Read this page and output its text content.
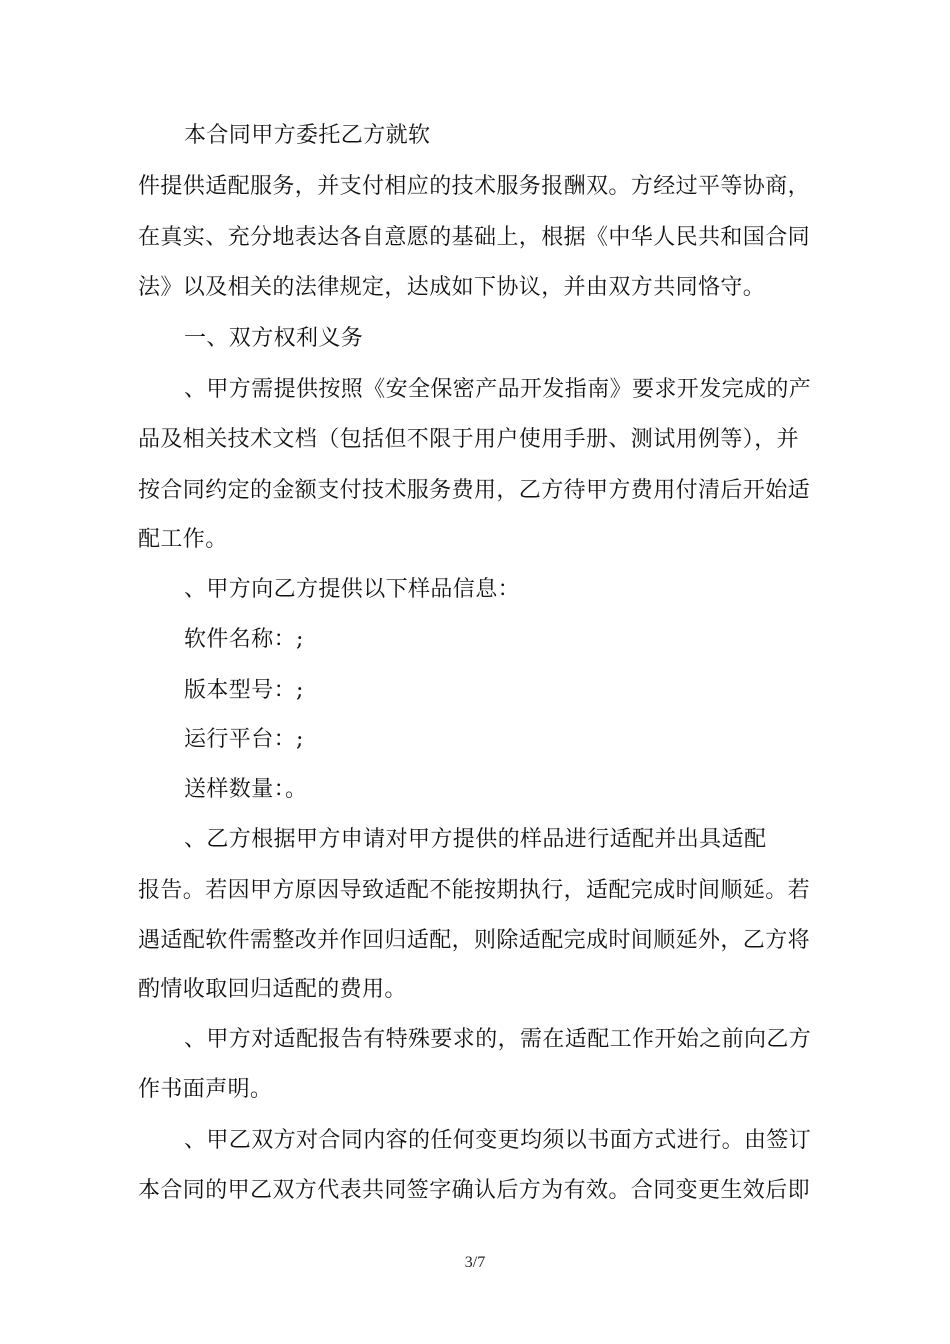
本合同甲方委托乙方就软
件提供适配服务，并支付相应的技术服务报酬双。方经过平等协商，
在真实、充分地表达各自意愿的基础上，根据《中华人民共和国合同
法》以及相关的法律规定，达成如下协议，并由双方共同恪守。
一、双方权利义务
、甲方需提供按照《安全保密产品开发指南》要求开发完成的产
品及相关技术文档（包括但不限于用户使用手册、测试用例等），并
按合同约定的金额支付技术服务费用，乙方待甲方费用付清后开始适
配工作。
、甲方向乙方提供以下样品信息：
软件名称：;
版本型号：;
运行平台：;
送样数量：。
、乙方根据甲方申请对甲方提供的样品进行适配并出具适配
报告。若因甲方原因导致适配不能按期执行，适配完成时间顺延。若
遇适配软件需整改并作回归适配，则除适配完成时间顺延外，乙方将
酌情收取回归适配的费用。
、甲方对适配报告有特殊要求的，需在适配工作开始之前向乙方
作书面声明。
、甲乙双方对合同内容的任何变更均须以书面方式进行。由签订
本合同的甲乙双方代表共同签字确认后方为有效。合同变更生效后即
3/7
